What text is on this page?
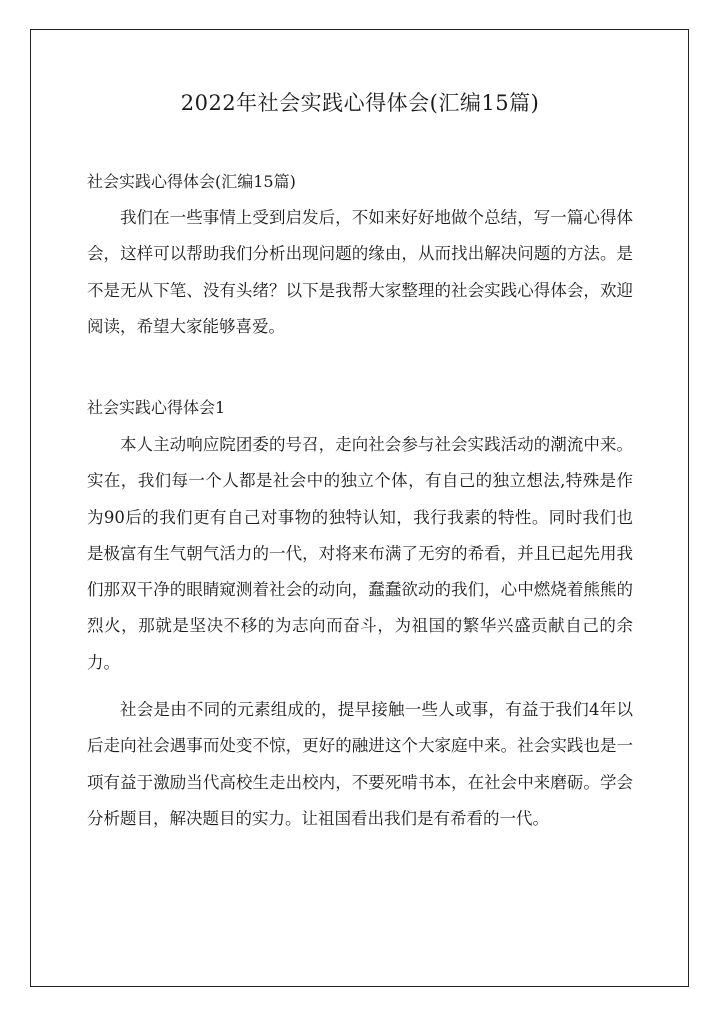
2022年社会实践心得体会(汇编15篇)

社会实践心得体会(汇编15篇)

我们在一些事情上受到启发后，不如来好好地做个总结，写一篇心得体会，这样可以帮助我们分析出现问题的缘由，从而找出解决问题的方法。是不是无从下笔、没有头绪？以下是我帮大家整理的社会实践心得体会，欢迎阅读，希望大家能够喜爱。

社会实践心得体会1

本人主动响应院团委的号召，走向社会参与社会实践活动的潮流中来。实在，我们每一个人都是社会中的独立个体，有自己的独立想法,特殊是作为90后的我们更有自己对事物的独特认知，我行我素的特性。同时我们也是极富有生气朝气活力的一代，对将来布满了无穷的希看，并且已起先用我们那双干净的眼睛窥测着社会的动向，蠢蠢欲动的我们，心中燃烧着熊熊的烈火，那就是坚决不移的为志向而奋斗，为祖国的繁华兴盛贡献自己的余力。

社会是由不同的元素组成的，提早接触一些人或事，有益于我们4年以后走向社会遇事而处变不惊，更好的融进这个大家庭中来。社会实践也是一项有益于激励当代高校生走出校内，不要死啃书本，在社会中来磨砺。学会分析题目，解决题目的实力。让祖国看出我们是有希看的一代。
